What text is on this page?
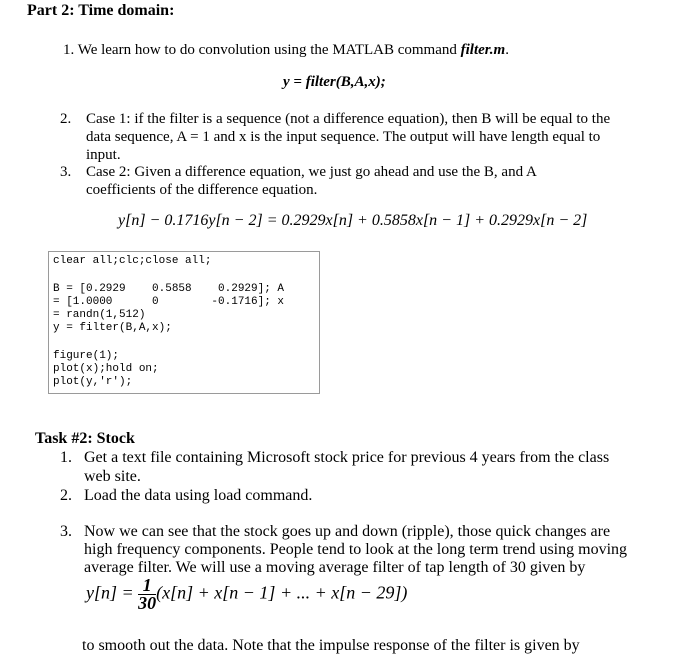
Part 2: Time domain:
1. We learn how to do convolution using the MATLAB command filter.m.
y = filter(B,A,x);
2. Case 1: if the filter is a sequence (not a difference equation), then B will be equal to the
data sequence, A = 1 and x is the input sequence. The output will have length equal to
input.
3. Case 2: Given a difference equation, we just go ahead and use the B, and A
coefficients of the difference equation.
y[n] − 0.1716y[n − 2] = 0.2929x[n] + 0.5858x[n − 1] + 0.2929x[n − 2]
clear all;clc;close all;
B = [0.2929    0.5858    0.2929]; A
= [1.0000      0        -0.1716]; x
= randn(1,512)
y = filter(B,A,x);
figure(1);
plot(x);hold on;
plot(y,'r');
Task #2: Stock
1. Get a text file containing Microsoft stock price for previous 4 years from the class
web site.
2. Load the data using load command.
3. Now we can see that the stock goes up and down (ripple), those quick changes are
high frequency components. People tend to look at the long term trend using moving
average filter. We will use a moving average filter of tap length of 30 given by
$y[n] = \frac{1}{30} (x[n] + x[n - 1]$ + ... + x[n − 29])
to smooth out the data. Note that the impulse response of the filter is given by
